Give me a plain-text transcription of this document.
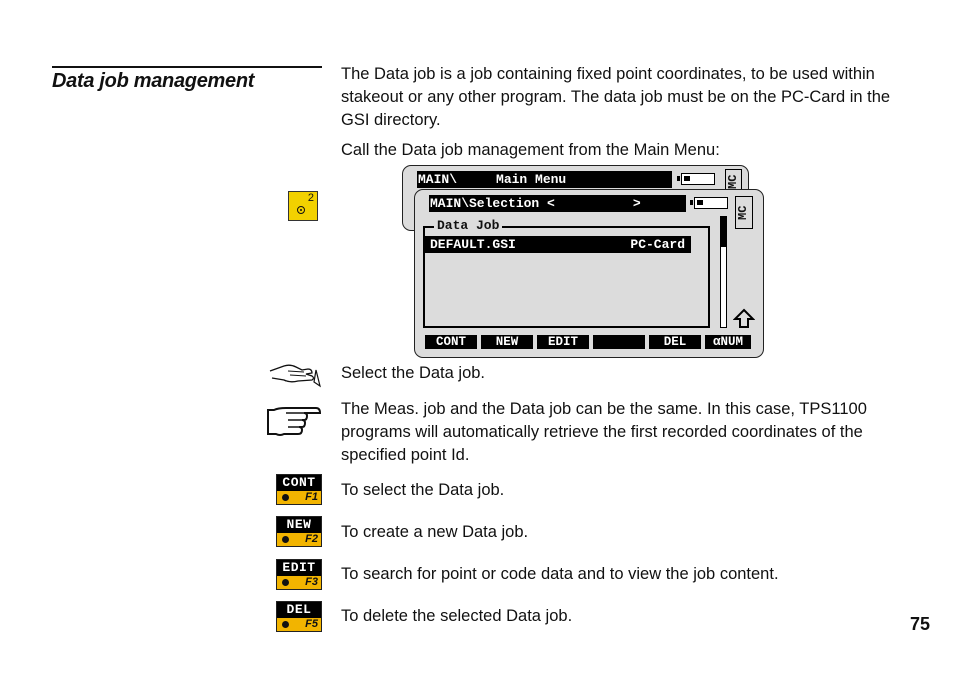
Data job management	The Data job is a job containing fixed point coordinates, to be used within stakeout or any other program. The data job must be on the PC-Card in the GSI directory.
Call the Data job management from the Main Menu:
2
MAIN\     Main Menu	MC
MAIN\Selection <          >
MC
Data Job
DEFAULT.GSI	PC-Card
CONT	NEW	EDIT	DEL	αNUM
Select the Data job.
The Meas. job and the Data job can be the same. In this case, TPS1100 programs will automatically retrieve the first recorded coordinates of the specified point Id.
CONT
F1 To select the Data job.
NEW
F2 To create a new Data job.
EDIT
F3 To search for point or code data and to view the job content.
DEL
F5 To delete the selected Data job.	75
